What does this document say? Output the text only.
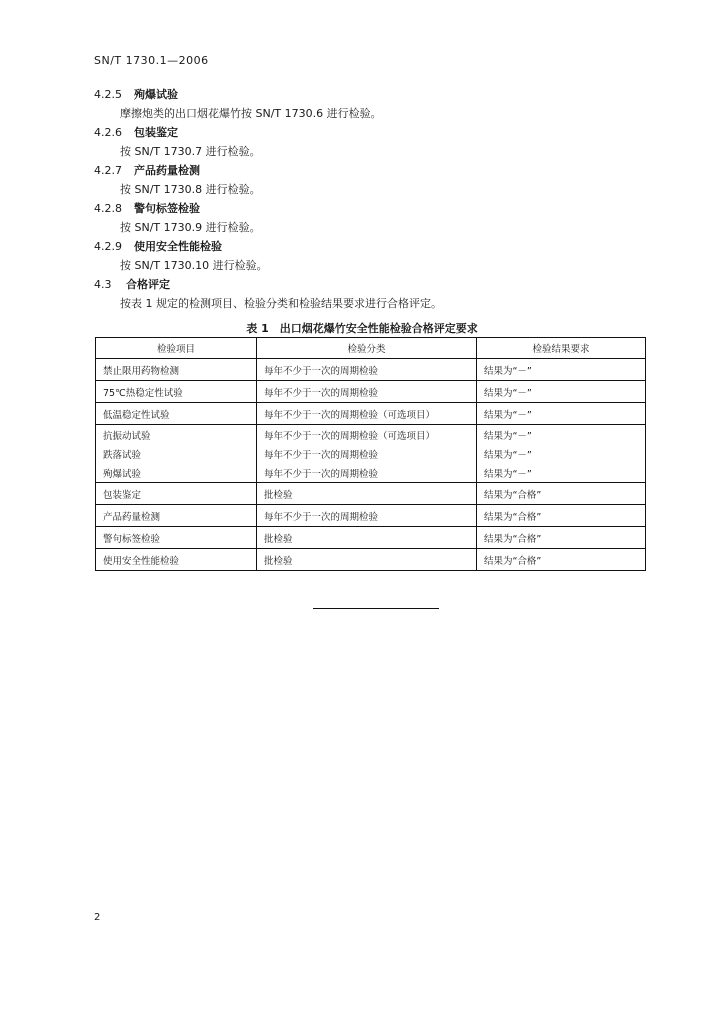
SN/T 1730.1—2006
4.2.5 殉爆试验
摩擦炮类的出口烟花爆竹按 SN/T 1730.6 进行检验。
4.2.6 包装鉴定
按 SN/T 1730.7 进行检验。
4.2.7 产品药量检测
按 SN/T 1730.8 进行检验。
4.2.8 警句标签检验
按 SN/T 1730.9 进行检验。
4.2.9 使用安全性能检验
按 SN/T 1730.10 进行检验。
4.3 合格评定
按表 1 规定的检测项目、检验分类和检验结果要求进行合格评定。
表 1　出口烟花爆竹安全性能检验合格评定要求
检验项目	检验分类	检验结果要求
禁止限用药物检测	每年不少于一次的周期检验	结果为“－”
75℃热稳定性试验	每年不少于一次的周期检验	结果为“－”
低温稳定性试验	每年不少于一次的周期检验（可选项目）	结果为“－”
抗振动试验	每年不少于一次的周期检验（可选项目）	结果为“－”
跌落试验	每年不少于一次的周期检验	结果为“－”
殉爆试验	每年不少于一次的周期检验	结果为“－”
包装鉴定	批检验	结果为“合格”
产品药量检测	每年不少于一次的周期检验	结果为“合格”
警句标签检验	批检验	结果为“合格”
使用安全性能检验	批检验	结果为“合格”
2
